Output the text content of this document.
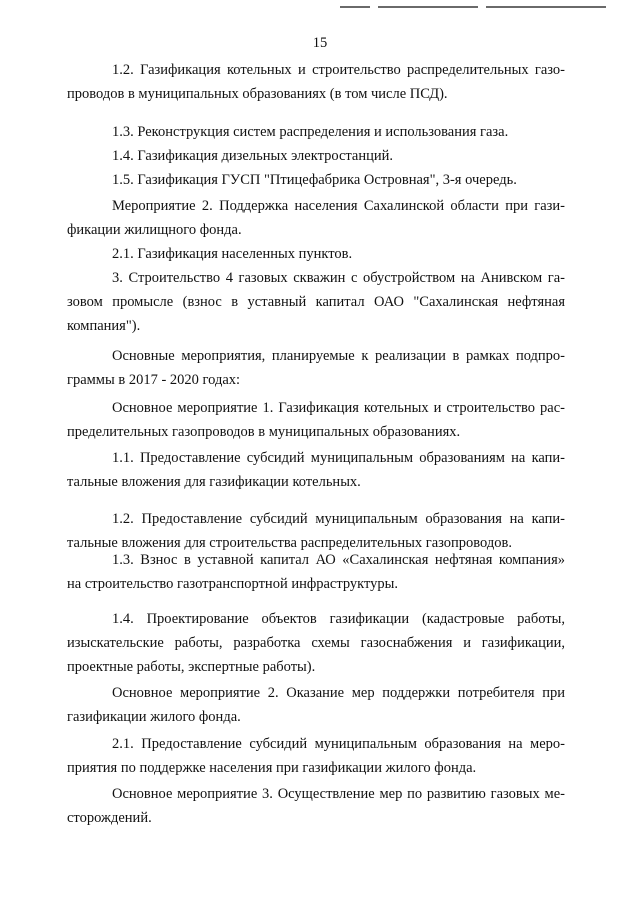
15
1.2. Газификация котельных и строительство распределительных газо-
проводов в муниципальных образованиях (в том числе ПСД).
1.3. Реконструкция систем распределения и использования газа.
1.4. Газификация дизельных электростанций.
1.5. Газификация ГУСП "Птицефабрика Островная", 3-я очередь.
Мероприятие 2. Поддержка населения Сахалинской области при гази-
фикации жилищного фонда.
2.1. Газификация населенных пунктов.
3. Строительство 4 газовых скважин с обустройством на Анивском га-
зовом промысле (взнос в уставный капитал ОАО "Сахалинская нефтяная
компания").
Основные мероприятия, планируемые к реализации в рамках подпро-
граммы в 2017 - 2020 годах:
Основное мероприятие 1. Газификация котельных и строительство рас-
пределительных газопроводов в муниципальных образованиях.
1.1. Предоставление субсидий муниципальным образованиям на капи-
тальные вложения для газификации котельных.
1.2. Предоставление субсидий муниципальным образования на капи-
тальные вложения для строительства распределительных газопроводов.
1.3. Взнос в уставной капитал АО «Сахалинская нефтяная компания»
на строительство газотранспортной инфраструктуры.
1.4. Проектирование объектов газификации (кадастровые работы,
изыскательские работы, разработка схемы газоснабжения и газификации,
проектные работы, экспертные работы).
Основное мероприятие 2. Оказание мер поддержки потребителя при
газификации жилого фонда.
2.1. Предоставление субсидий муниципальным образования на меро-
приятия по поддержке населения при газификации жилого фонда.
Основное мероприятие 3. Осуществление мер по развитию газовых ме-
сторождений.
